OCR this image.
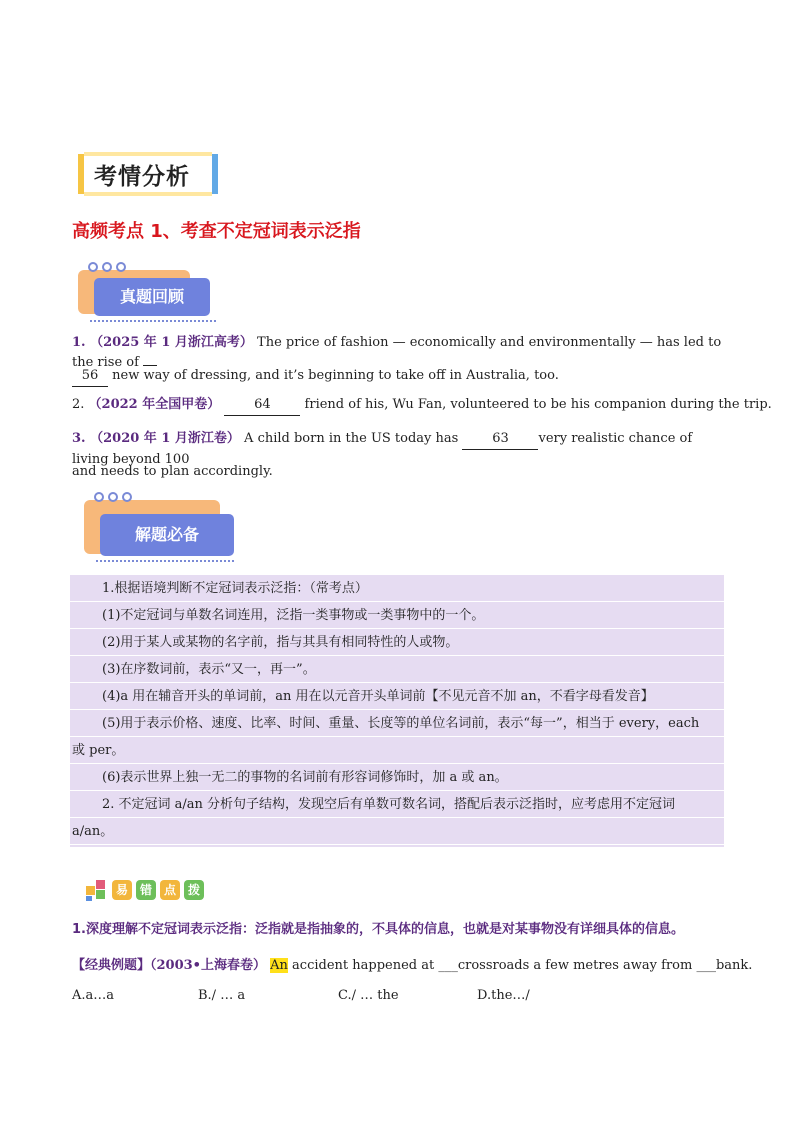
考情分析
高频考点 1、考查不定冠词表示泛指
真题回顾
1. （2025 年 1 月浙江高考） The price of fashion — economically and environmentally — has led to the rise of
56 new way of dressing, and it’s beginning to take off in Australia, too.
2. （2022 年全国甲卷）	64	friend of his, Wu Fan, volunteered to be his companion during the trip.
3. （2020 年 1 月浙江卷） A child born in the US today has	63 very realistic chance of living beyond 100
and needs to plan accordingly.
解题必备
1.根据语境判断不定冠词表示泛指：（常考点）
(1)不定冠词与单数名词连用，泛指一类事物或一类事物中的一个。
(2)用于某人或某物的名字前，指与其具有相同特性的人或物。
(3)在序数词前，表示“又一，再一”。
(4)a 用在辅音开头的单词前，an 用在以元音开头单词前【不见元音不加 an，不看字母看发音】
(5)用于表示价格、速度、比率、时间、重量、长度等的单位名词前，表示“每一”，相当于 every，each
或 per。
(6)表示世界上独一无二的事物的名词前有形容词修饰时，加 a 或 an。
2. 不定冠词 a/an 分析句子结构，发现空后有单数可数名词，搭配后表示泛指时，应考虑用不定冠词
a/an。
易 错 点 拨
1.深度理解不定冠词表示泛指：泛指就是指抽象的，不具体的信息，也就是对某事物没有详细具体的信息。
【经典例题】（2003•上海春卷） An accident happened at ___crossroads a few metres away from ___bank.
A.a…a	B./ … a	C./ … the	D.the…/
